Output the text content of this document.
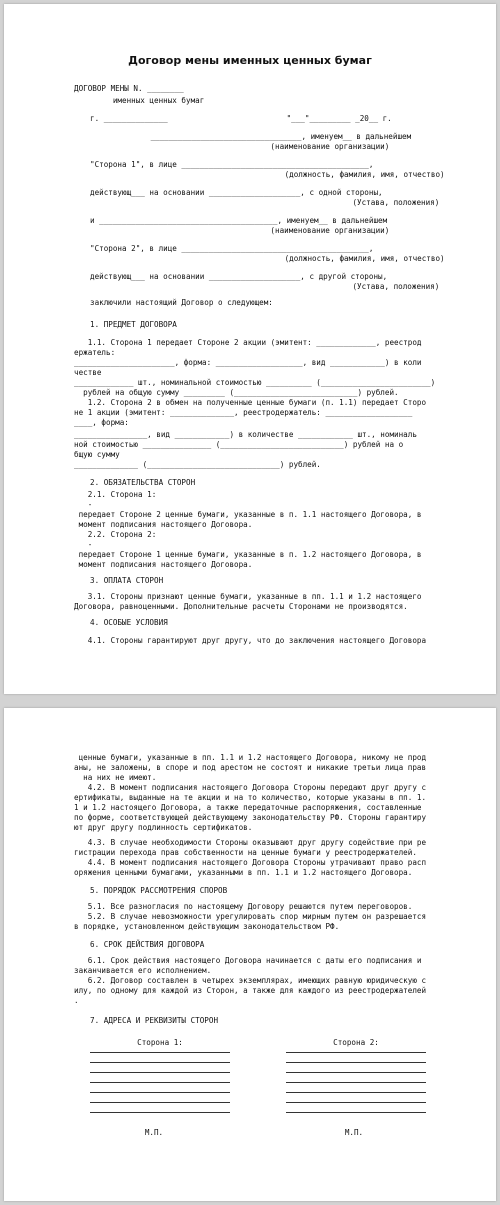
Договор мены именных ценных бумаг
ДОГОВОР МЕНЫ N. ________
именных ценных бумаг
г. ______________                          "___"_________ _20__ г.
_________________________________, именуем__ в дальнейшем
(наименование организации)
"Сторона 1", в лице _________________________________________,
(должность, фамилия, имя, отчество)
действующ___ на основании ____________________, с одной стороны,
(Устава, положения)
и _______________________________________, именуем__ в дальнейшем
(наименование организации)
"Сторона 2", в лице _________________________________________,
(должность, фамилия, имя, отчество)
действующ___ на основании ____________________, с другой стороны,
(Устава, положения)
заключили настоящий Договор о следующем:
1. ПРЕДМЕТ ДОГОВОРА
1.1. Сторона 1 передает Стороне 2 акции (эмитент: _____________, реестрод
ержатель:
______________________, форма: ___________________, вид ____________) в коли
честве
_____________ шт., номинальной стоимостью __________ (________________________)
рублей на общую сумму _________ (___________________________) рублей.
1.2. Сторона 2 в обмен на полученные ценные бумаги (п. 1.1) передает Сторо
не 1 акции (эмитент: ______________, реестродержатель: ___________________
____, форма:
________________, вид ____________) в количестве ____________ шт., номиналь
ной стоимостью _______________ (___________________________) рублей на о
бщую сумму
______________ (_____________________________) рублей.
2. ОБЯЗАТЕЛЬСТВА СТОРОН
2.1. Сторона 1:
-
передает Стороне 2 ценные бумаги, указанные в п. 1.1 настоящего Договора, в
момент подписания настоящего Договора.
2.2. Сторона 2:
-
передает Стороне 1 ценные бумаги, указанные в п. 1.2 настоящего Договора, в
момент подписания настоящего Договора.
3. ОПЛАТА СТОРОН
3.1. Стороны признают ценные бумаги, указанные в пп. 1.1 и 1.2 настоящего
Договора, равноценными. Дополнительные расчеты Сторонами не производятся.
4. ОСОБЫЕ УСЛОВИЯ
4.1. Стороны гарантируют друг другу, что до заключения настоящего Договора
ценные бумаги, указанные в пп. 1.1 и 1.2 настоящего Договора, никому не прод
аны, не заложены, в споре и под арестом не состоят и никакие третьи лица прав
на них не имеют.
4.2. В момент подписания настоящего Договора Стороны передают друг другу с
ертификаты, выданные на те акции и на то количество, которые указаны в пп. 1.
1 и 1.2 настоящего Договора, а также передаточные распоряжения, составленные
по форме, соответствующей действующему законодательству РФ. Стороны гарантиру
ют друг другу подлинность сертификатов.
4.3. В случае необходимости Стороны оказывают друг другу содействие при ре
гистрации перехода прав собственности на ценные бумаги у реестродержателей.
4.4. В момент подписания настоящего Договора Стороны утрачивают право расп
оряжения ценными бумагами, указанными в пп. 1.1 и 1.2 настоящего Договора.
5. ПОРЯДОК РАССМОТРЕНИЯ СПОРОВ
5.1. Все разногласия по настоящему Договору решаются путем переговоров.
5.2. В случае невозможности урегулировать спор мирным путем он разрешается
в порядке, установленном действующим законодательством РФ.
6. СРОК ДЕЙСТВИЯ ДОГОВОРА
6.1. Срок действия настоящего Договора начинается с даты его подписания и
заканчивается его исполнением.
6.2. Договор составлен в четырех экземплярах, имеющих равную юридическую с
илу, по одному для каждой из Сторон, а также для каждого из реестродержателей
.
7. АДРЕСА И РЕКВИЗИТЫ СТОРОН
Сторона 1:	Сторона 2:
М.П.	М.П.
